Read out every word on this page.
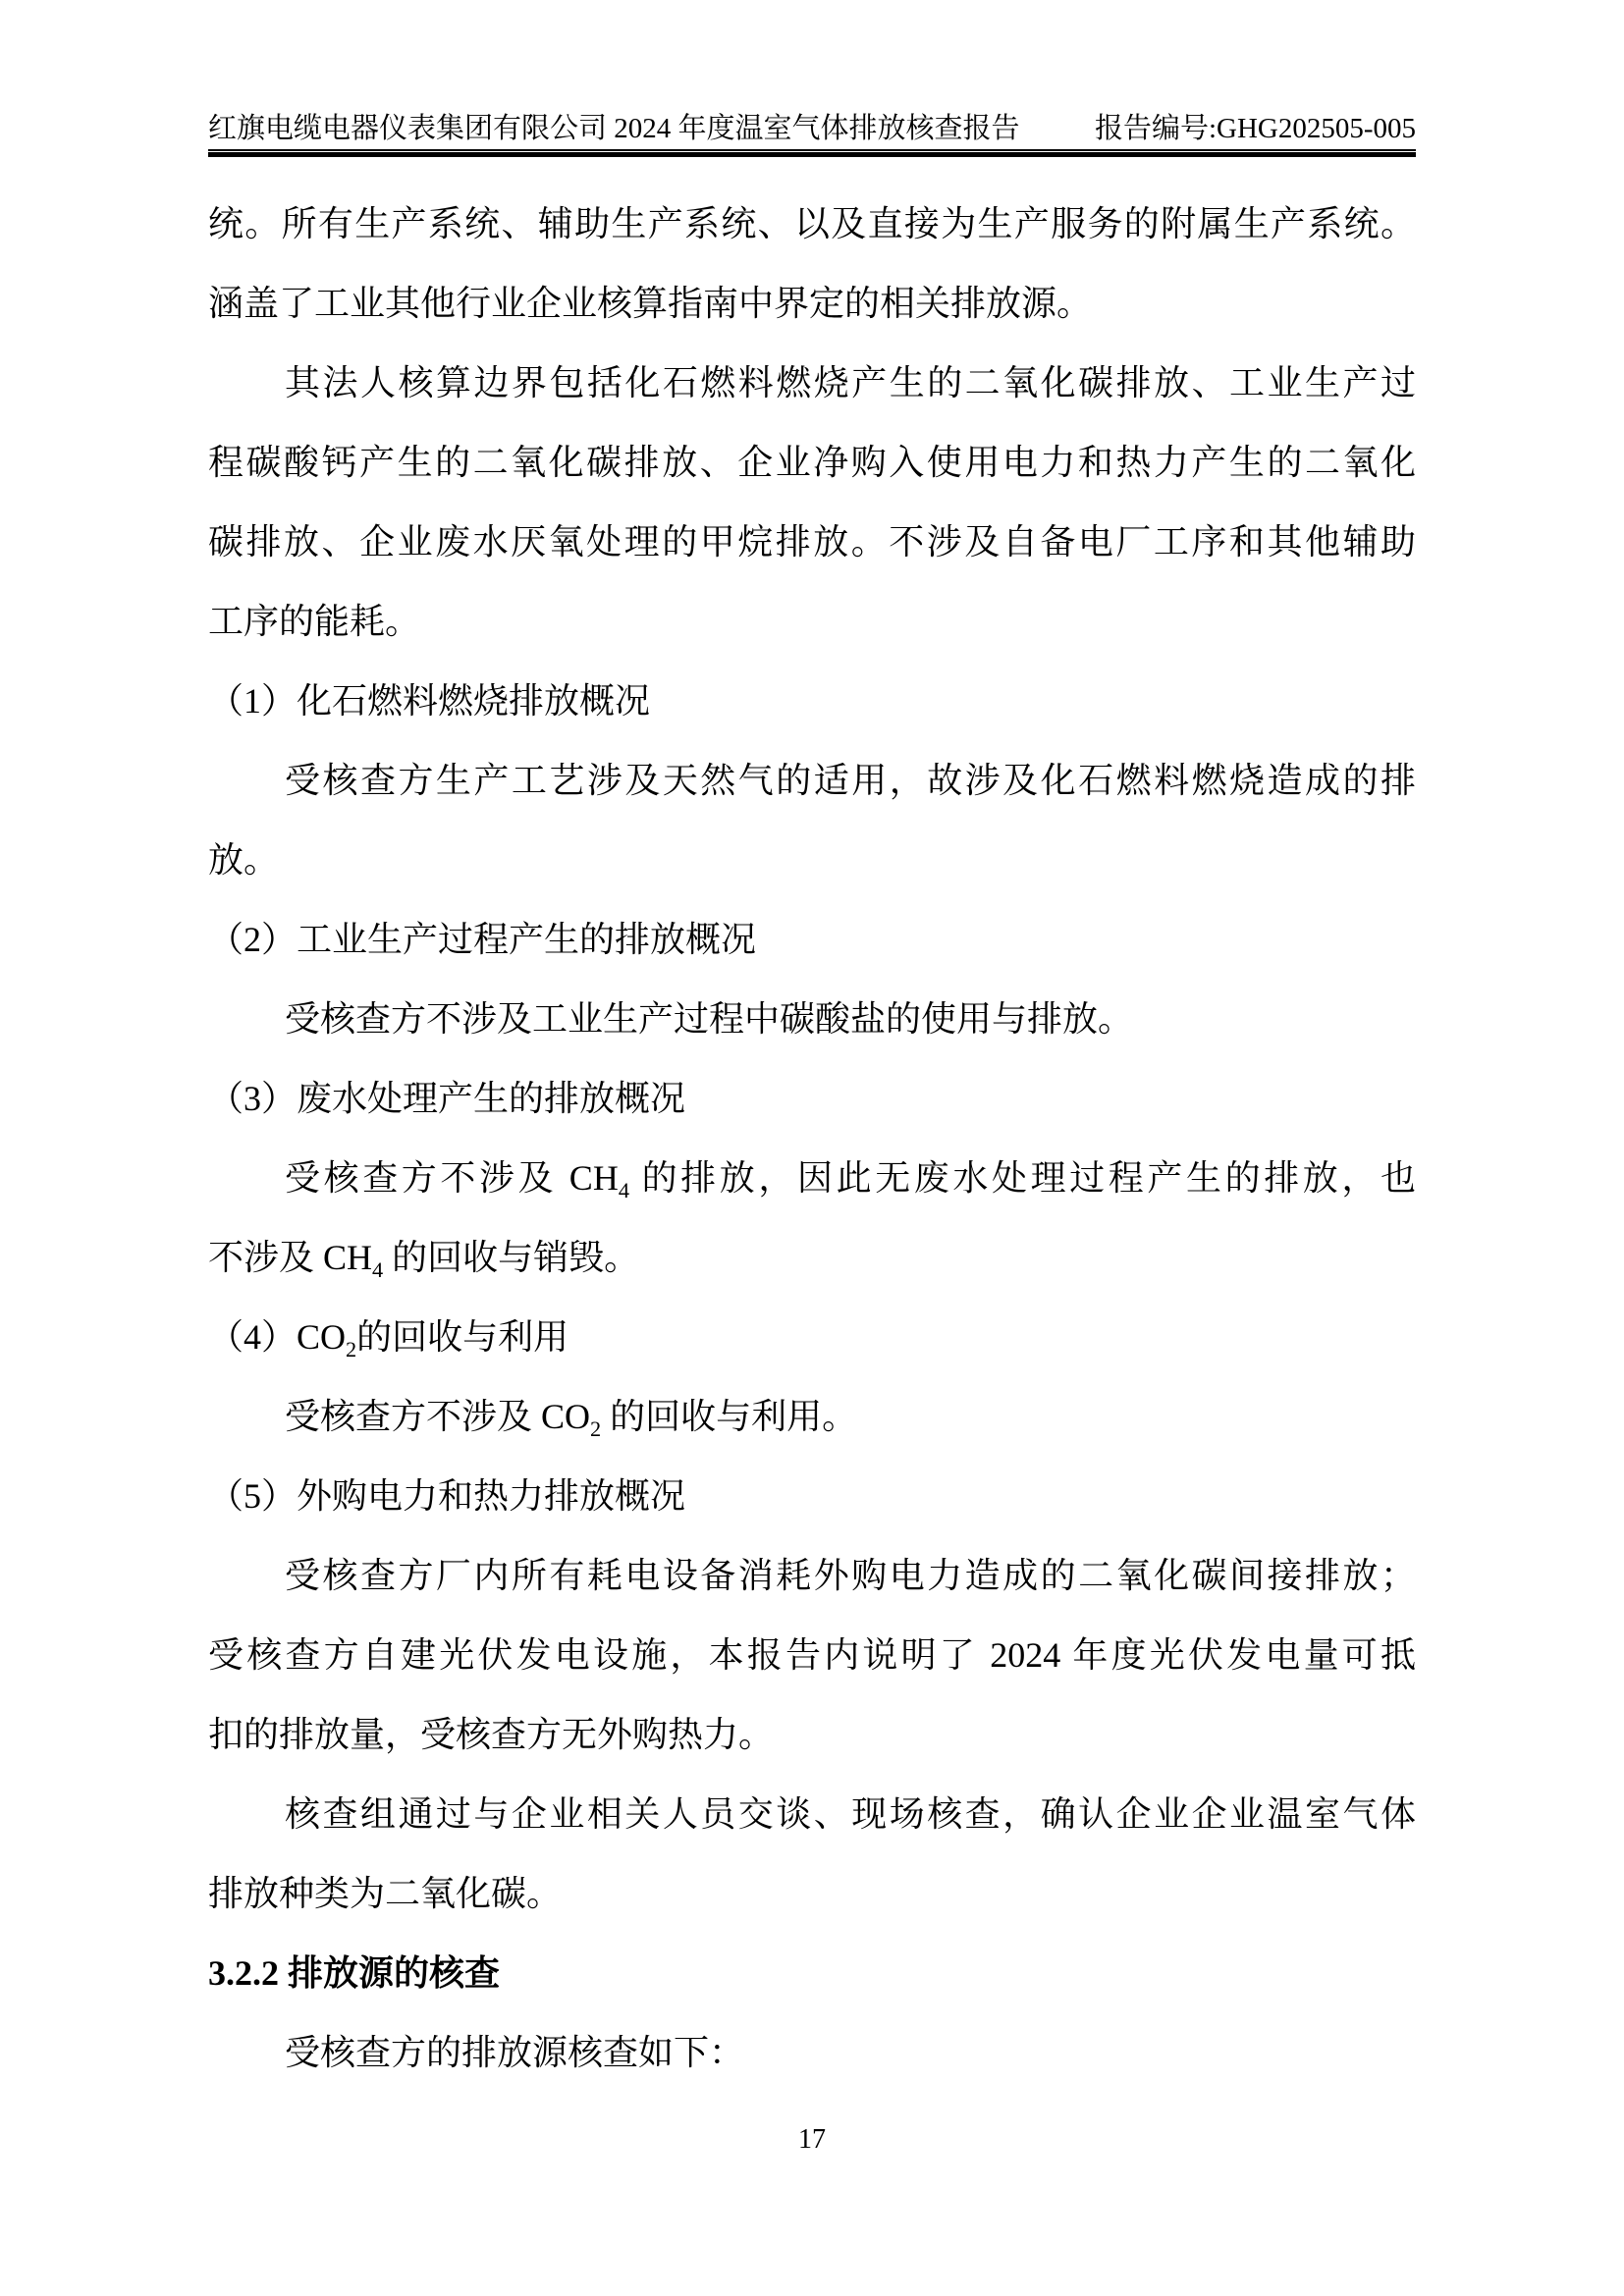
红旗电缆电器仪表集团有限公司 2024 年度温室气体排放核查报告	报告编号:GHG202505-005
统。所有生产系统、辅助生产系统、以及直接为生产服务的附属生产系统。
涵盖了工业其他行业企业核算指南中界定的相关排放源。
其法人核算边界包括化石燃料燃烧产生的二氧化碳排放、工业生产过
程碳酸钙产生的二氧化碳排放、企业净购入使用电力和热力产生的二氧化
碳排放、企业废水厌氧处理的甲烷排放。不涉及自备电厂工序和其他辅助
工序的能耗。
（1）化石燃料燃烧排放概况
受核查方生产工艺涉及天然气的适用，故涉及化石燃料燃烧造成的排
放。
（2）工业生产过程产生的排放概况
受核查方不涉及工业生产过程中碳酸盐的使用与排放。
（3）废水处理产生的排放概况
受核查方不涉及 $CH_4$ 的排放，因此无废水处理过程产生的排放，也
不涉及 $CH_4$ 的回收与销毁。
$(4)CO_2$的回收与利用
受核查方不涉及 $CO_2$ 的回收与利用。
（5）外购电力和热力排放概况
受核查方厂内所有耗电设备消耗外购电力造成的二氧化碳间接排放；
受核查方自建光伏发电设施，本报告内说明了 2024 年度光伏发电量可抵
扣的排放量，受核查方无外购热力。
核查组通过与企业相关人员交谈、现场核查，确认企业企业温室气体
排放种类为二氧化碳。
3.2.2 排放源的核查
受核查方的排放源核查如下：
17
